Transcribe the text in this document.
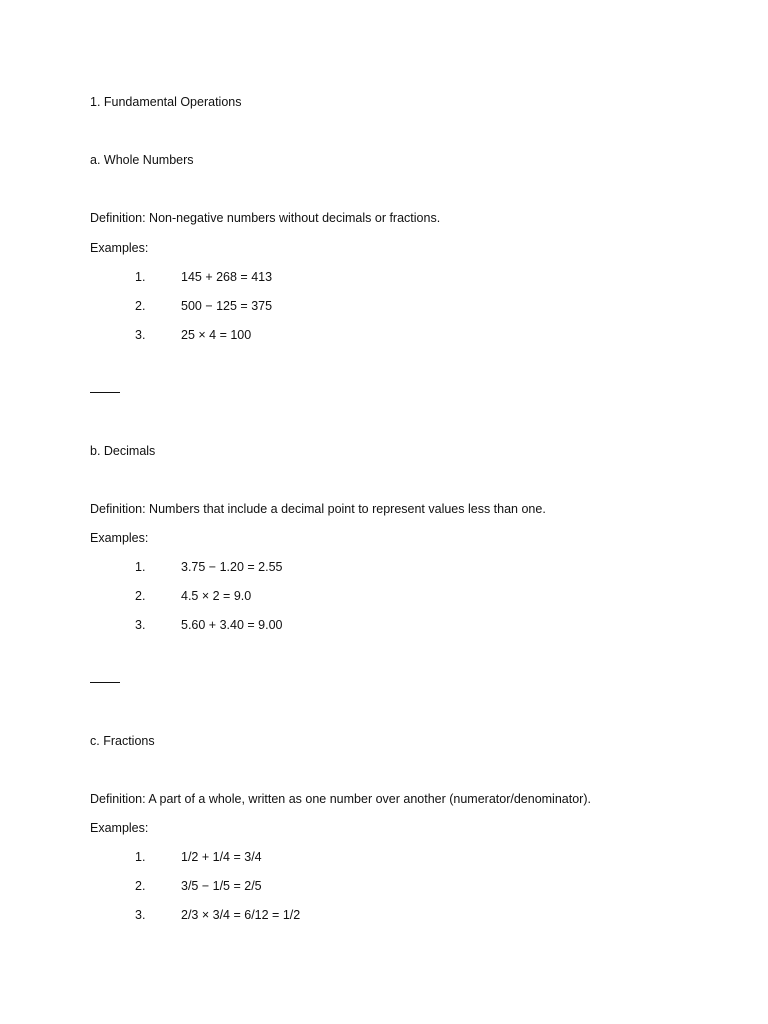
1. Fundamental Operations
a. Whole Numbers
Definition: Non-negative numbers without decimals or fractions.
Examples:
1.	145 + 268 = 413
2.	500 − 125 = 375
3.	25 × 4 = 100
b. Decimals
Definition: Numbers that include a decimal point to represent values less than one.
Examples:
1.	3.75 − 1.20 = 2.55
2.	4.5 × 2 = 9.0
3.	5.60 + 3.40 = 9.00
c. Fractions
Definition: A part of a whole, written as one number over another (numerator/denominator).
Examples:
1.	1/2 + 1/4 = 3/4
2.	3/5 − 1/5 = 2/5
3.	2/3 × 3/4 = 6/12 = 1/2
